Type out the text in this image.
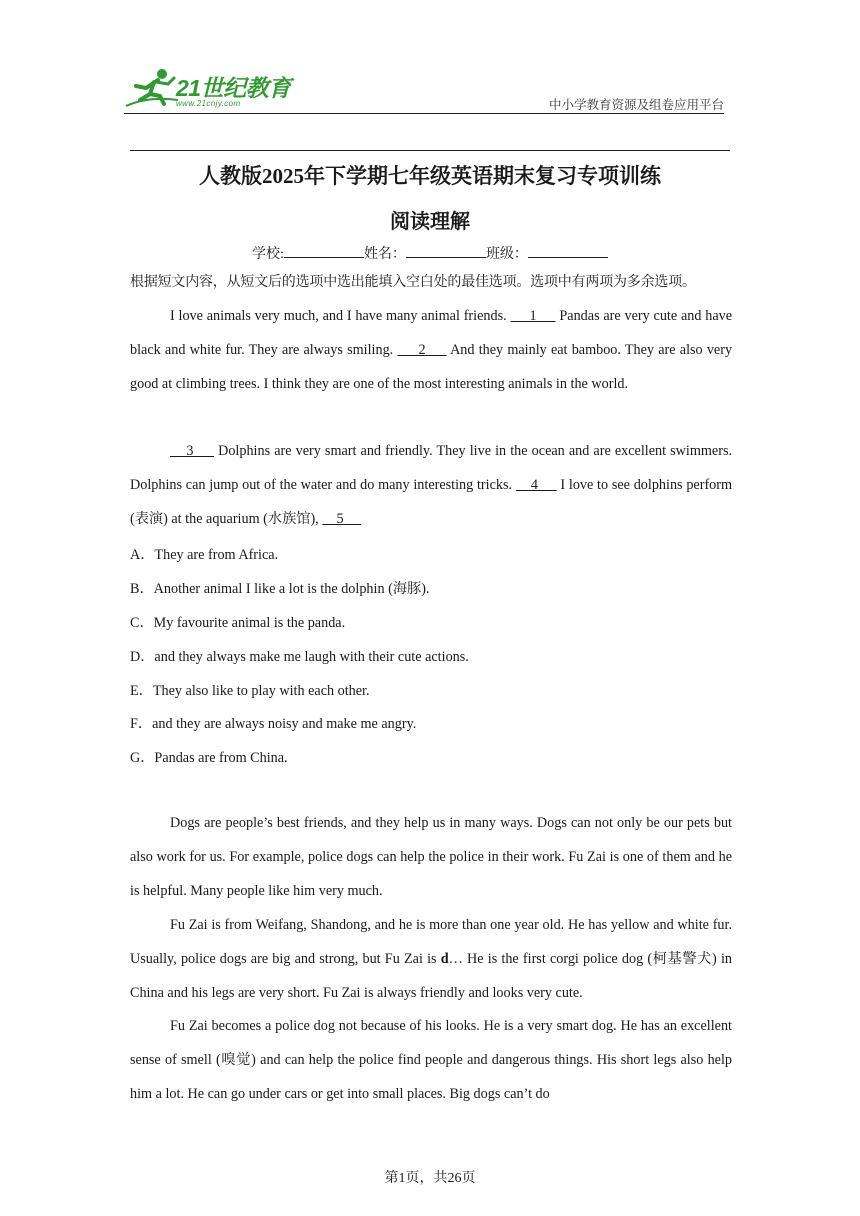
21世纪教育
www.21cnjy.com	中小学教育资源及组卷应用平台
人教版2025年下学期七年级英语期末复习专项训练
阅读理解
学校:	姓名：	班级：
根据短文内容，从短文后的选项中选出能填入空白处的最佳选项。选项中有两项为多余选项。

I love animals very much, and I have many animal friends. 1 Pandas are very cute and have black and white fur. They are always smiling. 2 And they mainly eat bamboo. They are also very good at climbing trees. I think they are one of the most interesting animals in the world.

3 Dolphins are very smart and friendly. They live in the ocean and are excellent swimmers. Dolphins can jump out of the water and do many interesting tricks. 4 I love to see dolphins perform (表演) at the aquarium (水族馆), 5

A．They are from Africa.
B．Another animal I like a lot is the dolphin (海豚).
C．My favourite animal is the panda.
D．and they always make me laugh with their cute actions.
E．They also like to play with each other.
F．and they are always noisy and make me angry.
G．Pandas are from China.

Dogs are people’s best friends, and they help us in many ways. Dogs can not only be our pets but also work for us. For example, police dogs can help the police in their work. Fu Zai is one of them and he is helpful. Many people like him very much.

Fu Zai is from Weifang, Shandong, and he is more than one year old. He has yellow and white fur. Usually, police dogs are big and strong, but Fu Zai is d… He is the first corgi police dog (柯基警犬) in China and his legs are very short. Fu Zai is always friendly and looks very cute.

Fu Zai becomes a police dog not because of his looks. He is a very smart dog. He has an excellent sense of smell (嗅觉) and can help the police find people and dangerous things. His short legs also help him a lot. He can go under cars or get into small places. Big dogs can’t do

第1页，共26页
